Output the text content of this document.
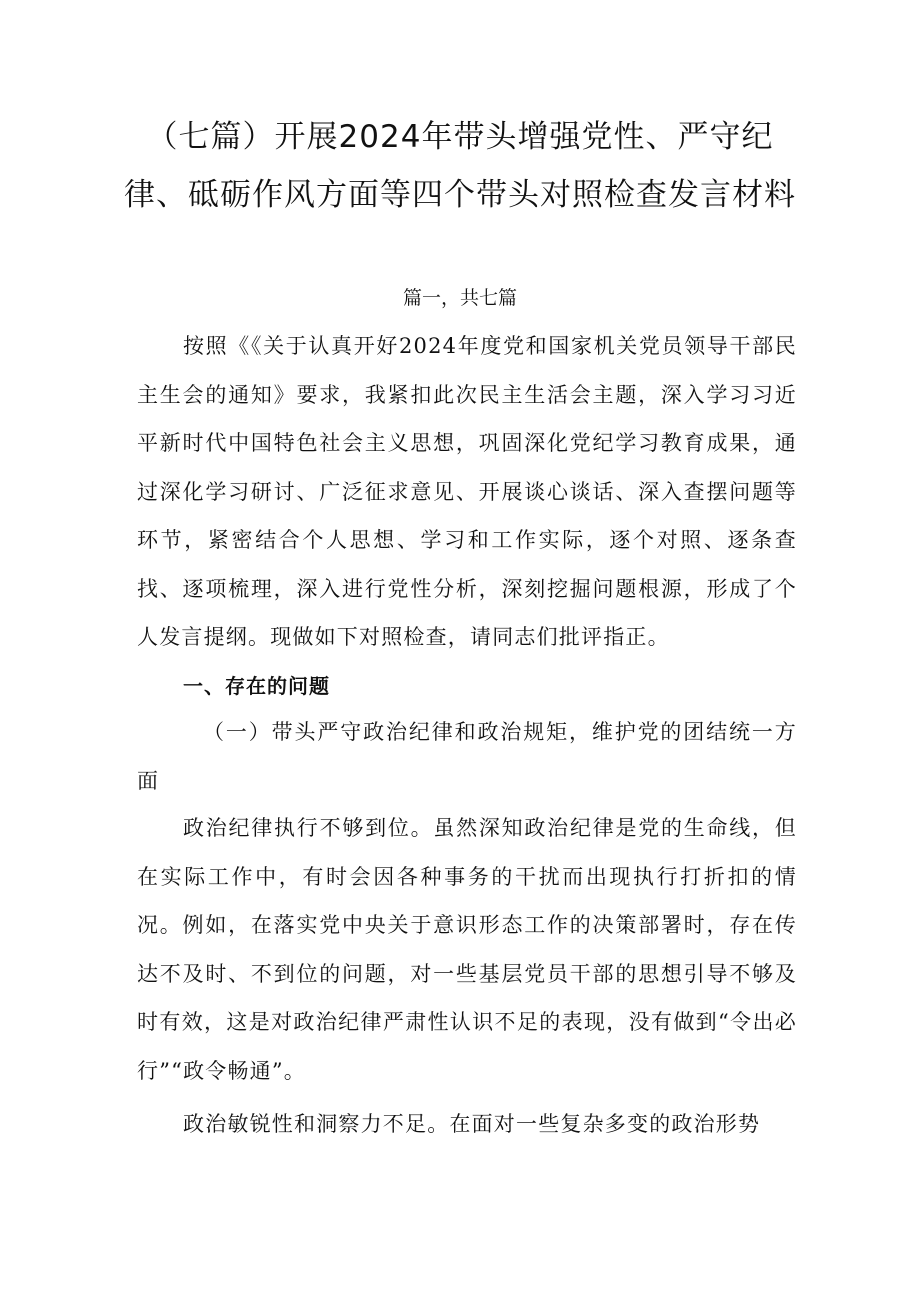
（七篇）开展2024年带头增强党性、严守纪律、砥砺作风方面等四个带头对照检查发言材料
篇一，共七篇

按照《《关于认真开好2024年度党和国家机关党员领导干部民主生会的通知》要求，我紧扣此次民主生活会主题，深入学习习近平新时代中国特色社会主义思想，巩固深化党纪学习教育成果，通过深化学习研讨、广泛征求意见、开展谈心谈话、深入查摆问题等环节，紧密结合个人思想、学习和工作实际，逐个对照、逐条查找、逐项梳理，深入进行党性分析，深刻挖掘问题根源，形成了个人发言提纲。现做如下对照检查，请同志们批评指正。

一、存在的问题

（一）带头严守政治纪律和政治规矩，维护党的团结统一方面

政治纪律执行不够到位。虽然深知政治纪律是党的生命线，但在实际工作中，有时会因各种事务的干扰而出现执行打折扣的情况。例如，在落实党中央关于意识形态工作的决策部署时，存在传达不及时、不到位的问题，对一些基层党员干部的思想引导不够及时有效，这是对政治纪律严肃性认识不足的表现，没有做到“令出必行”“政令畅通”。

政治敏锐性和洞察力不足。在面对一些复杂多变的政治形势
